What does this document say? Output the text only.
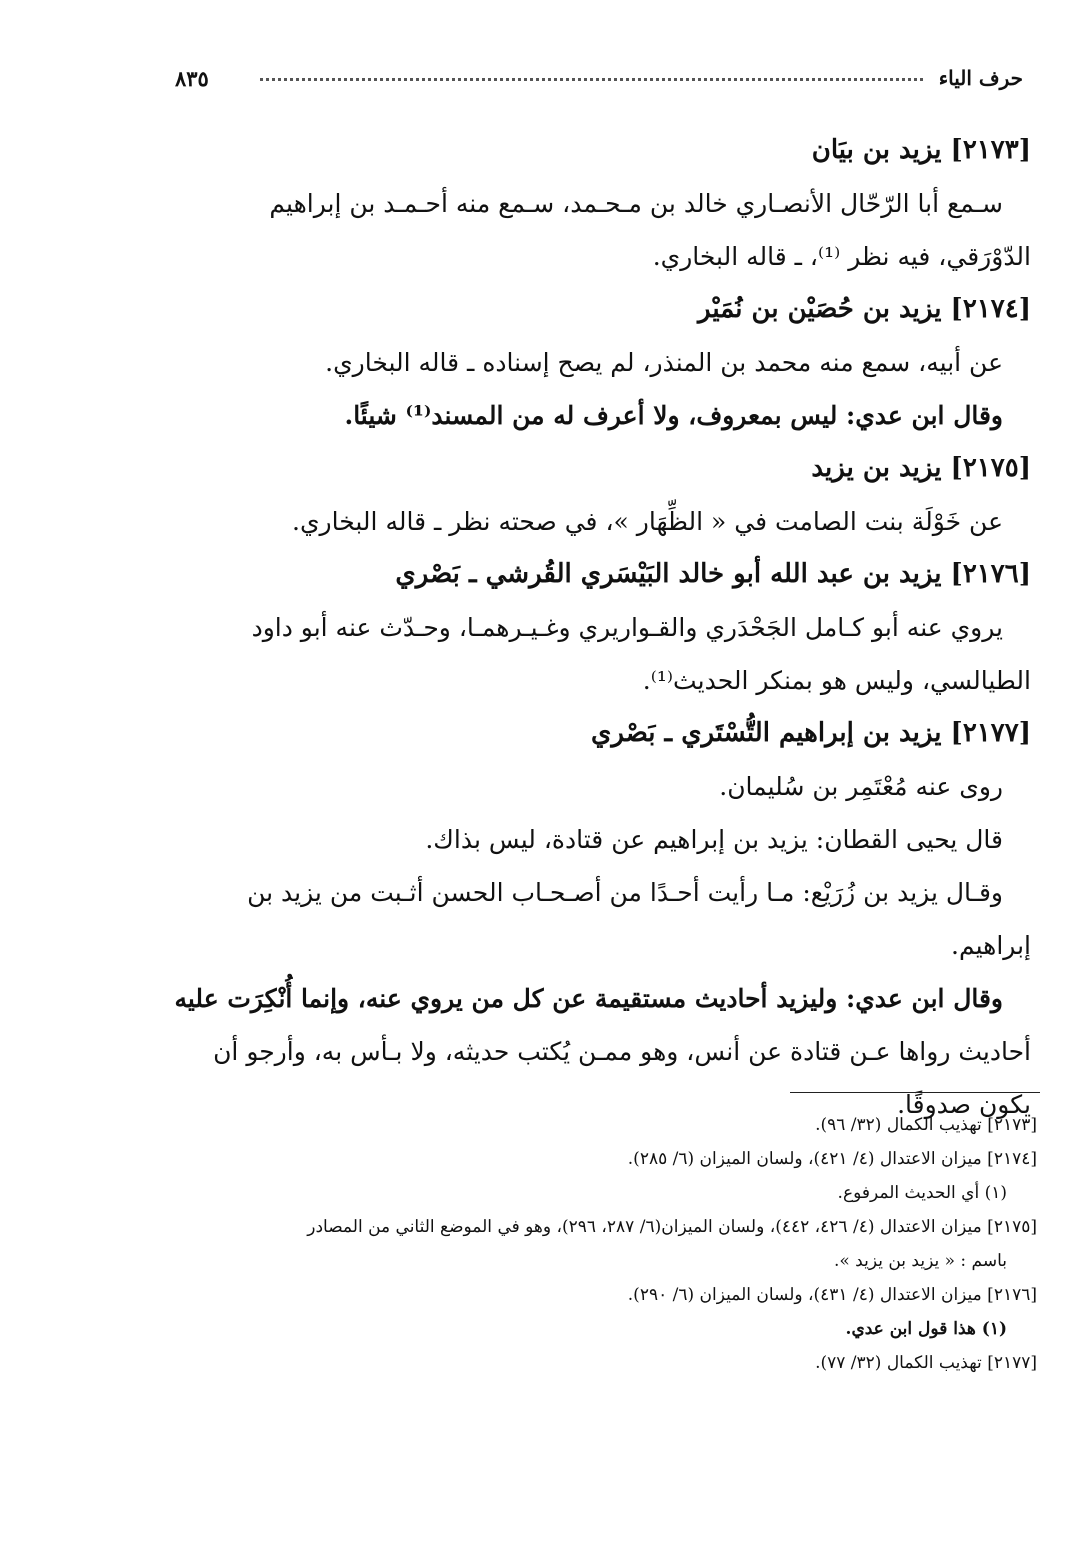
حرف الياء
٨٣٥
[٢١٧٣] يزيد بن بيَان
سـمع أبا الرّحّال الأنصـاري خالد بن مـحـمد، سـمع منه أحـمـد بن إبراهيم
الدّوْرَقي، فيه نظر ⁽¹⁾، ـ قاله البخاري.
[٢١٧٤] يزيد بن حُصَيْن بن نُمَيْر
عن أبيه، سمع منه محمد بن المنذر، لم يصح إسناده ـ قاله البخاري.
وقال ابن عدي: ليس بمعروف، ولا أعرف له من المسند⁽¹⁾ شيئًا.
[٢١٧٥] يزيد بن يزيد
عن خَوْلَة بنت الصامت في « الظِّهَار »، في صحته نظر ـ قاله البخاري.
[٢١٧٦] يزيد بن عبد الله أبو خالد البَيْسَري القُرشي ـ بَصْري
يروي عنه أبو كـامل الجَحْدَري والقـواريري وغـيـرهمـا، وحـدّث عنه أبو داود
الطيالسي، وليس هو بمنكر الحديث⁽¹⁾.
[٢١٧٧] يزيد بن إبراهيم التُّسْتَري ـ بَصْري
روى عنه مُعْتَمِر بن سُليمان.
قال يحيى القطان: يزيد بن إبراهيم عن قتادة، ليس بذاك.
وقـال يزيد بن زُرَيْع: مـا رأيت أحـدًا من أصـحـاب الحسن أثـبت من يزيد بن
إبراهيم.
وقال ابن عدي: وليزيد أحاديث مستقيمة عن كل من يروي عنه، وإنما أُنْكِرَت عليه
أحاديث رواها عـن قتادة عن أنس، وهو ممـن يُكتب حديثه، ولا بـأس به، وأرجو أن
يكون صدوقًا.
[٢١٧٣] تهذيب الكمال (٣٢/ ٩٦).
[٢١٧٤] ميزان الاعتدال (٤/ ٤٢١)، ولسان الميزان (٦/ ٢٨٥).
(١) أي الحديث المرفوع.
[٢١٧٥] ميزان الاعتدال (٤/ ٤٢٦، ٤٤٢)، ولسان الميزان(٦/ ٢٨٧، ٢٩٦)، وهو في الموضع الثاني من المصادر
باسم : « يزيد بن يزيد ».
[٢١٧٦] ميزان الاعتدال (٤/ ٤٣١)، ولسان الميزان (٦/ ٢٩٠).
(١) هذا قول ابن عدي.
[٢١٧٧] تهذيب الكمال (٣٢/ ٧٧).
